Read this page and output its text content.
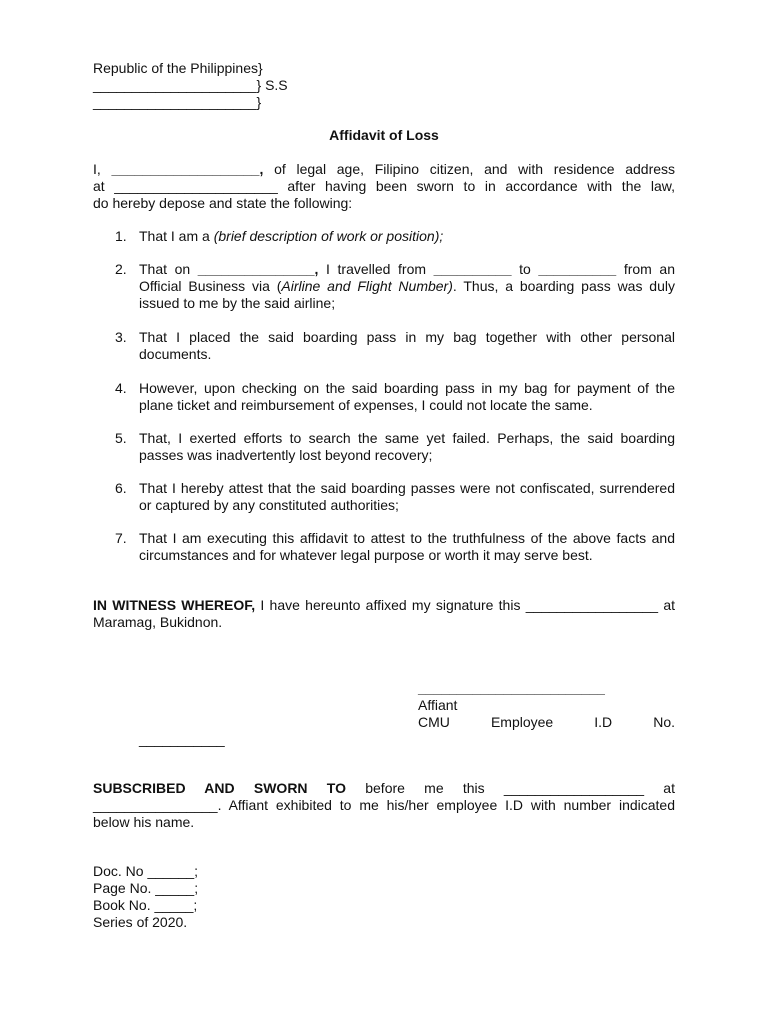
Republic of the Philippines}
_____________________} S.S
_____________________}
Affidavit of Loss
I, ___________________, of legal age, Filipino citizen, and with residence address
at _____________________ after having been sworn to in accordance with the law,
do hereby depose and state the following:
1. That I am a (brief description of work or position);
2. That on _______________, I travelled from __________ to __________ from an Official Business via (Airline and Flight Number). Thus, a boarding pass was duly issued to me by the said airline;
3. That I placed the said boarding pass in my bag together with other personal documents.
4. However, upon checking on the said boarding pass in my bag for payment of the plane ticket and reimbursement of expenses, I could not locate the same.
5. That, I exerted efforts to search the same yet failed. Perhaps, the said boarding passes was inadvertently lost beyond recovery;
6. That I hereby attest that the said boarding passes were not confiscated, surrendered or captured by any constituted authorities;
7. That I am executing this affidavit to attest to the truthfulness of the above facts and circumstances and for whatever legal purpose or worth it may serve best.
IN WITNESS WHEREOF, I have hereunto affixed my signature this _________________ at Maramag, Bukidnon.
________________________
Affiant
CMU Employee I.D No.
___________
SUBSCRIBED AND SWORN TO before me this __________________ at ________________. Affiant exhibited to me his/her employee I.D with number indicated below his name.
Doc. No ______;
Page No. _____;
Book No. _____;
Series of 2020.
